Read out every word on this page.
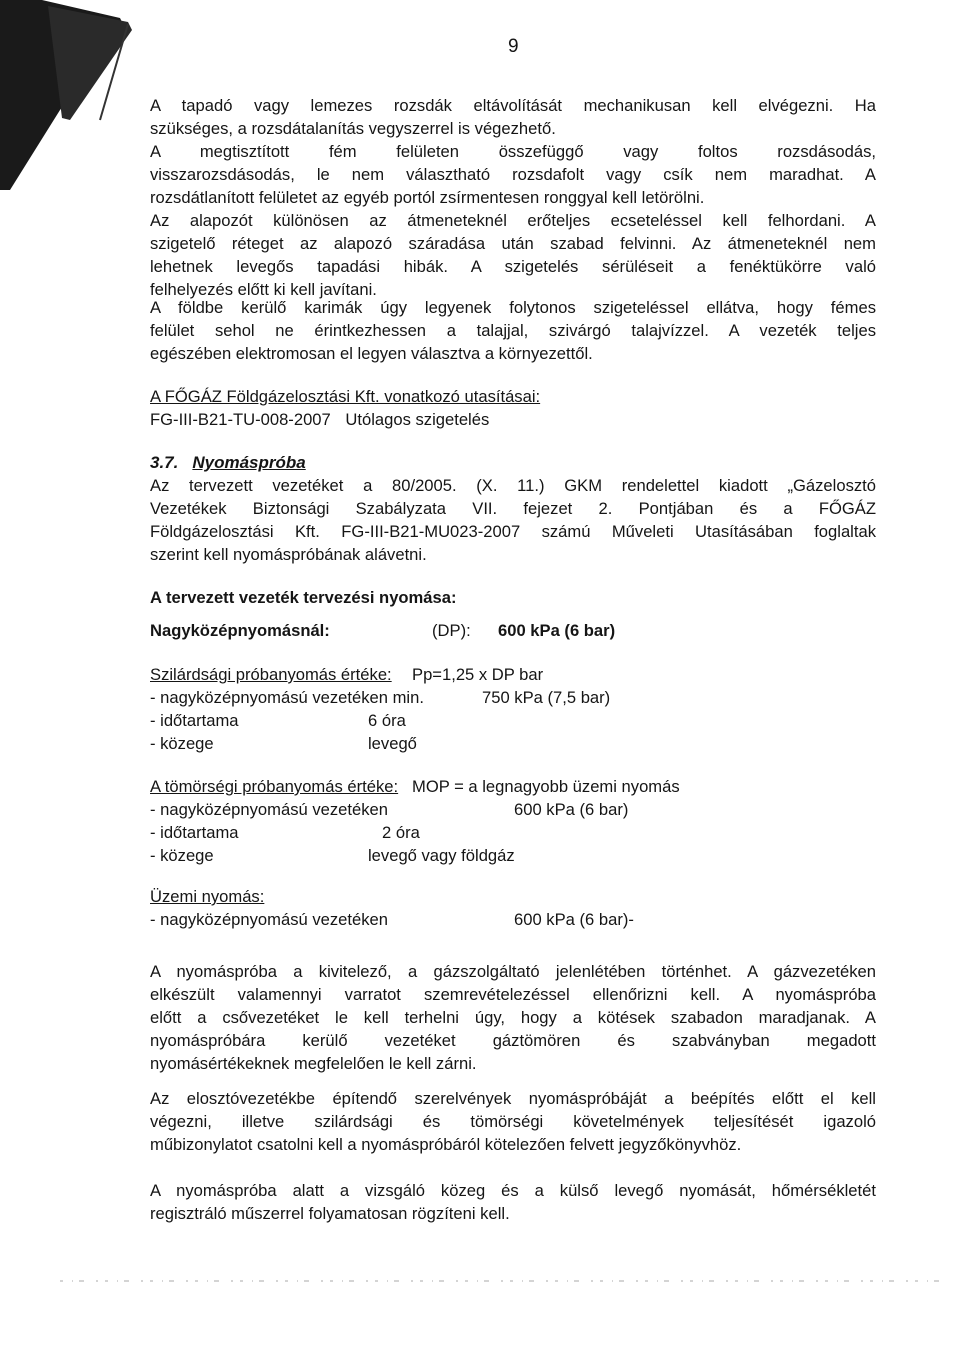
9

A tapadó vagy lemezes rozsdák eltávolítását mechanikusan kell elvégezni. Ha

szükséges, a rozsdátalanítás vegyszerrel is végezhető.

A megtisztított fém felületen összefüggő vagy foltos rozsdásodás,

visszarozsdásodás, le nem választható rozsdafolt vagy csík nem maradhat. A

rozsdátlanított felületet az egyéb portól zsírmentesen ronggyal kell letörölni.

Az alapozót különösen az átmeneteknél erőteljes ecseteléssel kell felhordani. A

szigetelő réteget az alapozó száradása után szabad felvinni. Az átmeneteknél nem

lehetnek levegős tapadási hibák. A szigetelés sérüléseit a fenéktükörre való

felhelyezés előtt ki kell javítani.

A földbe kerülő karimák úgy legyenek folytonos szigeteléssel ellátva, hogy fémes

felület sehol ne érintkezhessen a talajjal, szivárgó talajvízzel. A vezeték teljes

egészében elektromosan el legyen választva a környezettől.

A FŐGÁZ Földgázelosztási Kft. vonatkozó utasításai:

FG-III-B21-TU-008-2007 Utólagos szigetelés

3.7. Nyomáspróba

Az tervezett vezetéket a 80/2005. (X. 11.) GKM rendelettel kiadott „Gázelosztó

Vezetékek Biztonsági Szabályzata VII. fejezet 2. Pontjában és a FŐGÁZ

Földgázelosztási Kft. FG-III-B21-MU023-2007 számú Műveleti Utasításában foglaltak

szerint kell nyomáspróbának alávetni.

A tervezett vezeték tervezési nyomása:

Nagyközépnyomásnál:	(DP): 600 kPa (6 bar)
Szilárdsági próbanyomás értéke: Pp=1,25 x DP bar
- nagyközépnyomású vezetéken min.	750 kPa (7,5 bar)
- időtartama	6 óra
- közege	levegő
A tömörségi próbanyomás értéke: MOP = a legnagyobb üzemi nyomás
- nagyközépnyomású vezetéken	600 kPa (6 bar)
- időtartama	2 óra
- közege	levegő vagy földgáz
Üzemi nyomás:
- nagyközépnyomású vezetéken	600 kPa (6 bar)-

A nyomáspróba a kivitelező, a gázszolgáltató jelenlétében történhet. A gázvezetéken

elkészült valamennyi varratot szemrevételezéssel ellenőrizni kell. A nyomáspróba

előtt a csővezetéket le kell terhelni úgy, hogy a kötések szabadon maradjanak. A

nyomáspróbára kerülő vezetéket gáztömören és szabványban megadott

nyomásértékeknek megfelelően le kell zárni.

Az elosztóvezetékbe építendő szerelvények nyomáspróbáját a beépítés előtt el kell

végezni, illetve szilárdsági és tömörségi követelmények teljesítését igazoló

műbizonylatot csatolni kell a nyomáspróbáról kötelezően felvett jegyzőkönyvhöz.

A nyomáspróba alatt a vizsgáló közeg és a külső levegő nyomását, hőmérsékletét

regisztráló műszerrel folyamatosan rögzíteni kell.
